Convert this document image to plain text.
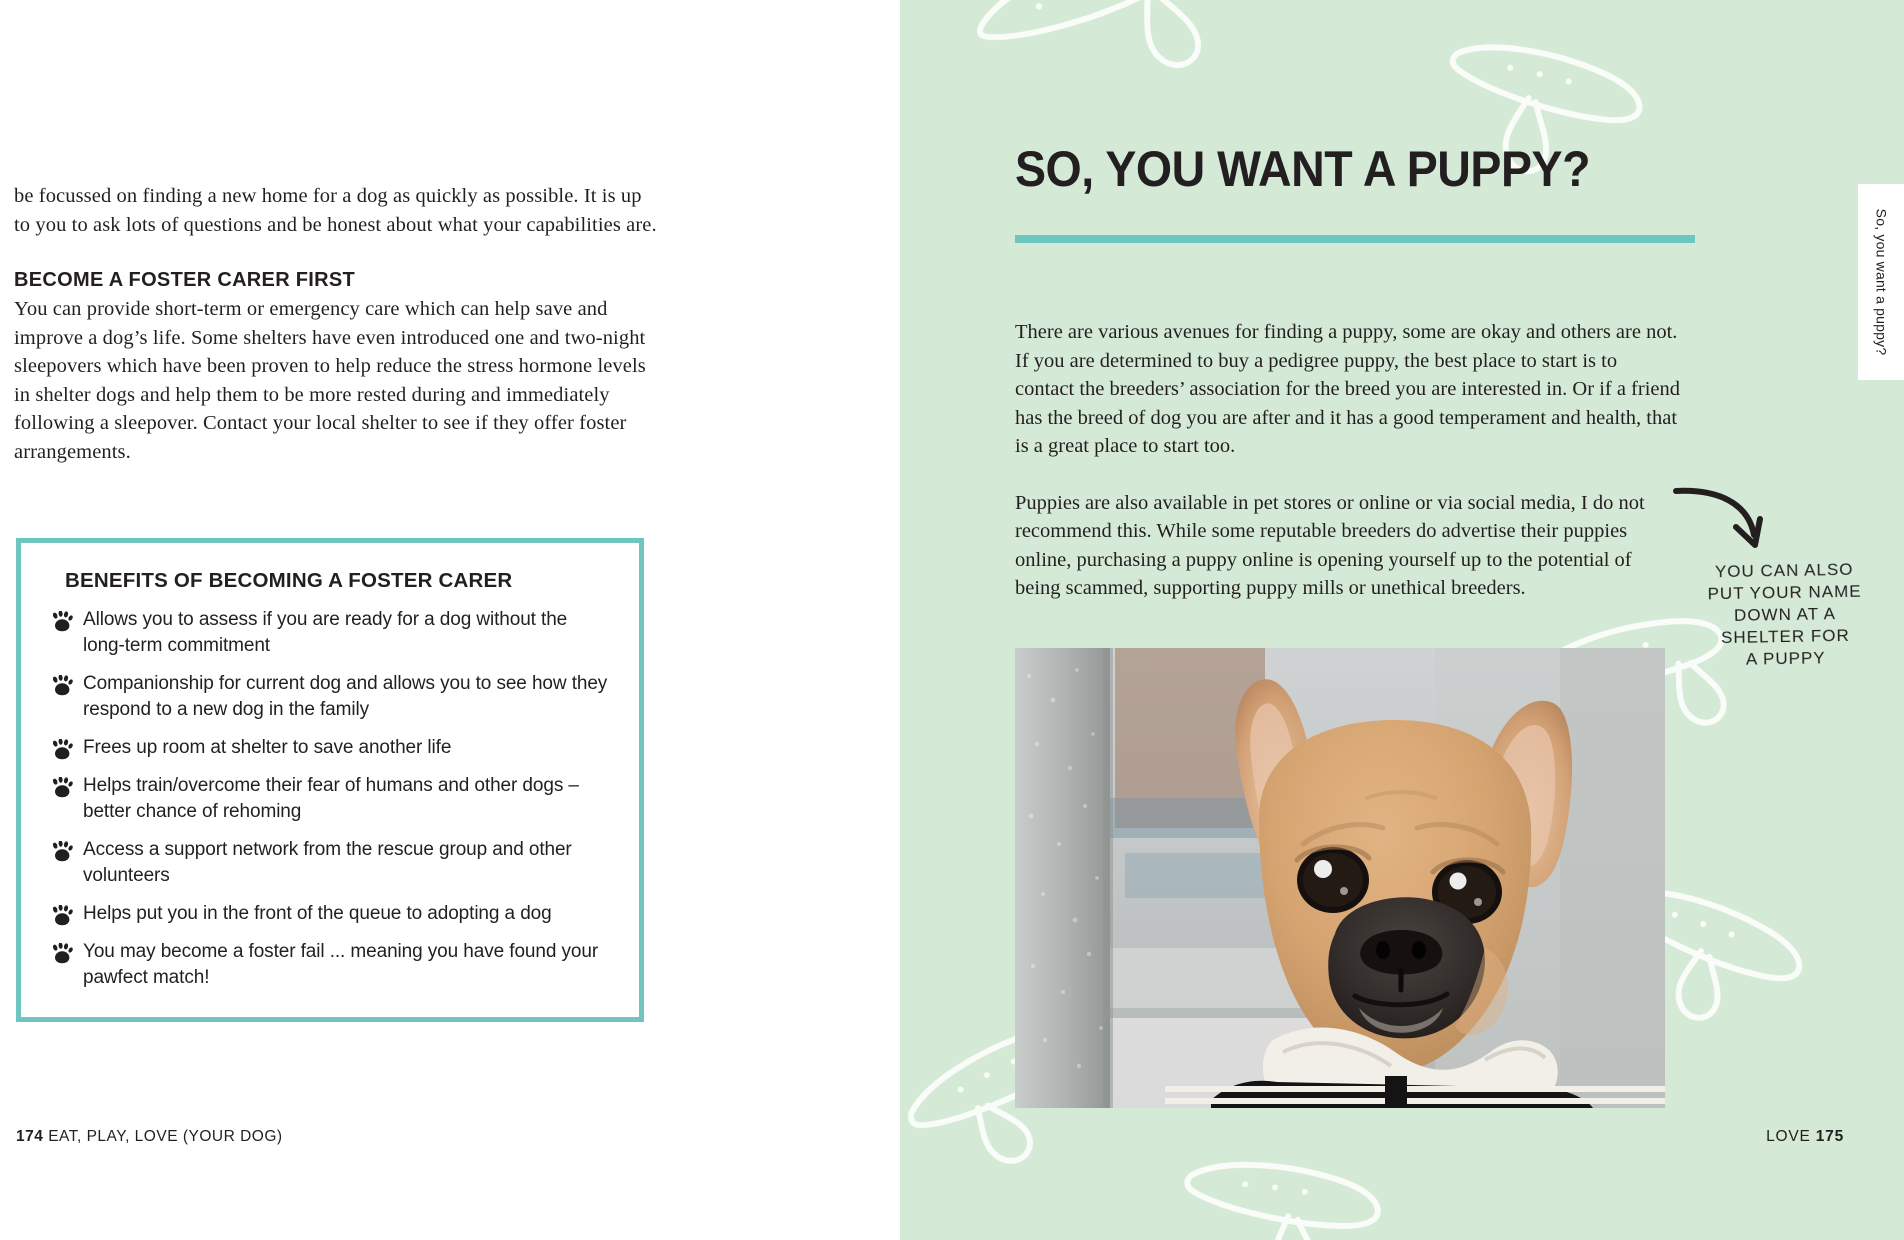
be focussed on finding a new home for a dog as quickly as possible. It is up to you to ask lots of questions and be honest about what your capabilities are.
BECOME A FOSTER CARER FIRST
You can provide short-term or emergency care which can help save and improve a dog’s life. Some shelters have even introduced one and two-night sleepovers which have been proven to help reduce the stress hormone levels in shelter dogs and help them to be more rested during and immediately following a sleepover. Contact your local shelter to see if they offer foster arrangements.
BENEFITS OF BECOMING A FOSTER CARER
Allows you to assess if you are ready for a dog without the long-term commitment
Companionship for current dog and allows you to see how they respond to a new dog in the family
Frees up room at shelter to save another life
Helps train/overcome their fear of humans and other dogs – better chance of rehoming
Access a support network from the rescue group and other volunteers
Helps put you in the front of the queue to adopting a dog
You may become a foster fail ... meaning you have found your pawfect match!
174 EAT, PLAY, LOVE (YOUR DOG)
SO, YOU WANT A PUPPY?

There are various avenues for finding a puppy, some are okay and others are not. If you are determined to buy a pedigree puppy, the best place to start is to contact the breeders’ association for the breed you are interested in. Or if a friend has the breed of dog you are after and it has a good temperament and health, that is a great place to start too.

Puppies are also available in pet stores or online or via social media, I do not recommend this. While some reputable breeders do advertise their puppies online, purchasing a puppy online is opening yourself up to the potential of being scammed, supporting puppy mills or unethical breeders.

LOVE 175
YOU CAN ALSO
PUT YOUR NAME
DOWN AT A
SHELTER FOR
A PUPPY
So, you want a puppy?
